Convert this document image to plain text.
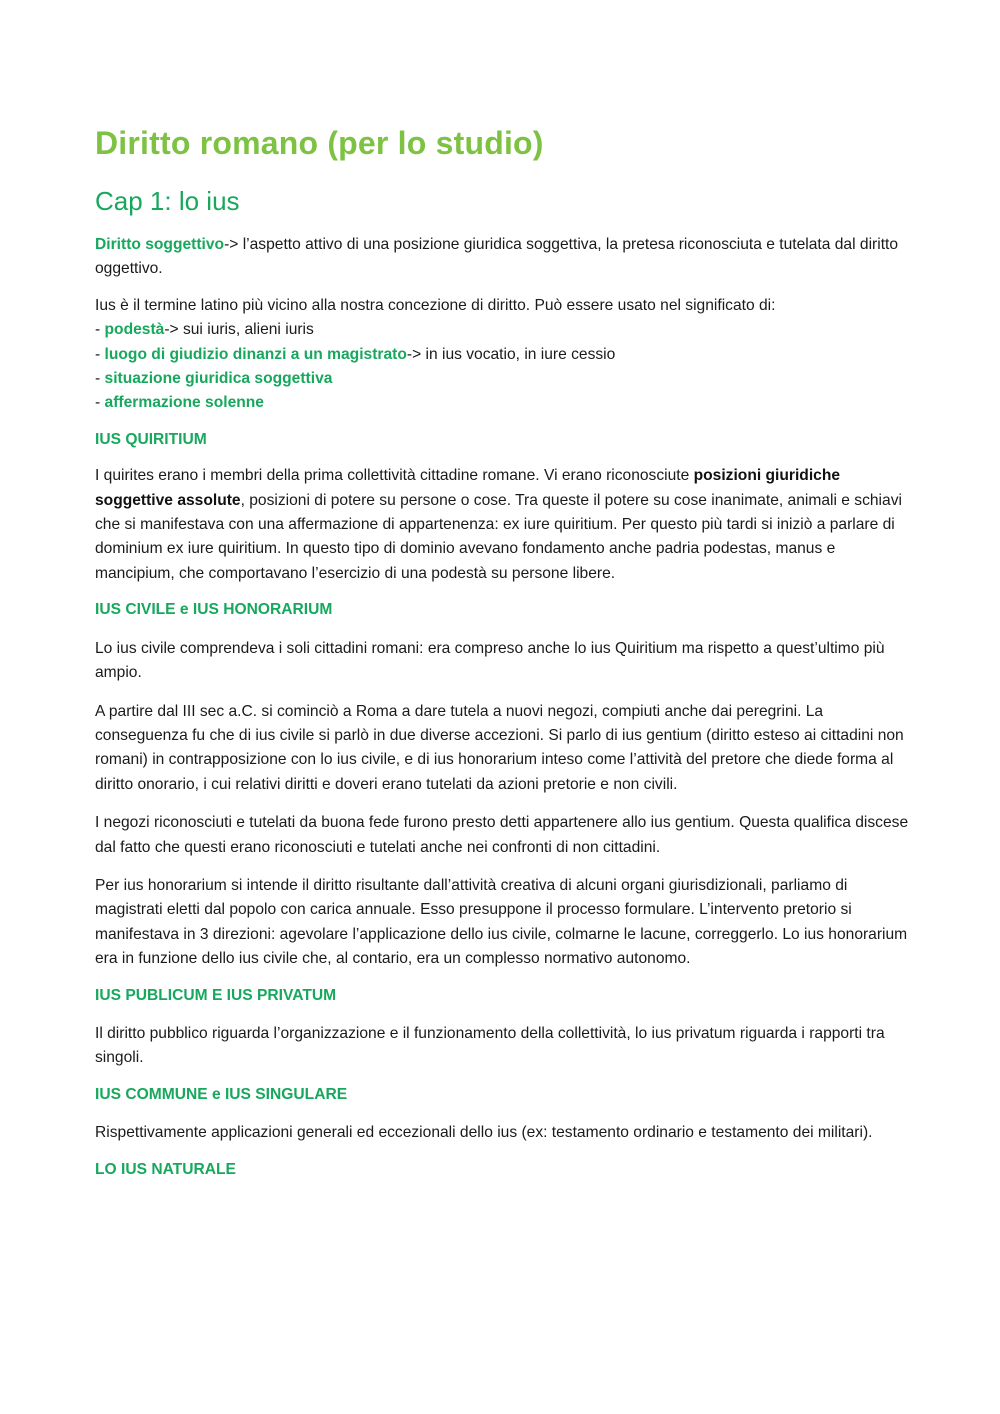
Diritto romano (per lo studio)
Cap 1: lo ius

Diritto soggettivo-> l’aspetto attivo di una posizione giuridica soggettiva, la pretesa riconosciuta e tutelata dal diritto oggettivo.

Ius è il termine latino più vicino alla nostra concezione di diritto. Può essere usato nel significato di:

- podestà-> sui iuris, alieni iuris

- luogo di giudizio dinanzi a un magistrato-> in ius vocatio, in iure cessio

- situazione giuridica soggettiva

- affermazione solenne

IUS QUIRITIUM

I quirites erano i membri della prima collettività cittadine romane. Vi erano riconosciute posizioni giuridiche soggettive assolute, posizioni di potere su persone o cose. Tra queste il potere su cose inanimate, animali e schiavi che si manifestava con una affermazione di appartenenza: ex iure quiritium. Per questo più tardi si iniziò a parlare di dominium ex iure quiritium. In questo tipo di dominio avevano fondamento anche padria podestas, manus e mancipium, che comportavano l’esercizio di una podestà su persone libere.

IUS CIVILE e IUS HONORARIUM

Lo ius civile comprendeva i soli cittadini romani: era compreso anche lo ius Quiritium ma rispetto a quest’ultimo più ampio.

A partire dal III sec a.C. si cominciò a Roma a dare tutela a nuovi negozi, compiuti anche dai peregrini. La conseguenza fu che di ius civile si parlò in due diverse accezioni. Si parlo di ius gentium (diritto esteso ai cittadini non romani) in contrapposizione con lo ius civile, e di ius honorarium inteso come l’attività del pretore che diede forma al diritto onorario, i cui relativi diritti e doveri erano tutelati da azioni pretorie e non civili.

I negozi riconosciuti e tutelati da buona fede furono presto detti appartenere allo ius gentium. Questa qualifica discese dal fatto che questi erano riconosciuti e tutelati anche nei confronti di non cittadini.

Per ius honorarium si intende il diritto risultante dall’attività creativa di alcuni organi giurisdizionali, parliamo di magistrati eletti dal popolo con carica annuale. Esso presuppone il processo formulare. L’intervento pretorio si manifestava in 3 direzioni: agevolare l’applicazione dello ius civile, colmarne le lacune, correggerlo. Lo ius honorarium era in funzione dello ius civile che, al contario, era un complesso normativo autonomo.

IUS PUBLICUM E IUS PRIVATUM

Il diritto pubblico riguarda l’organizzazione e il funzionamento della collettività, lo ius privatum riguarda i rapporti tra singoli.

IUS COMMUNE e IUS SINGULARE

Rispettivamente applicazioni generali ed eccezionali dello ius (ex: testamento ordinario e testamento dei militari).

LO IUS NATURALE
